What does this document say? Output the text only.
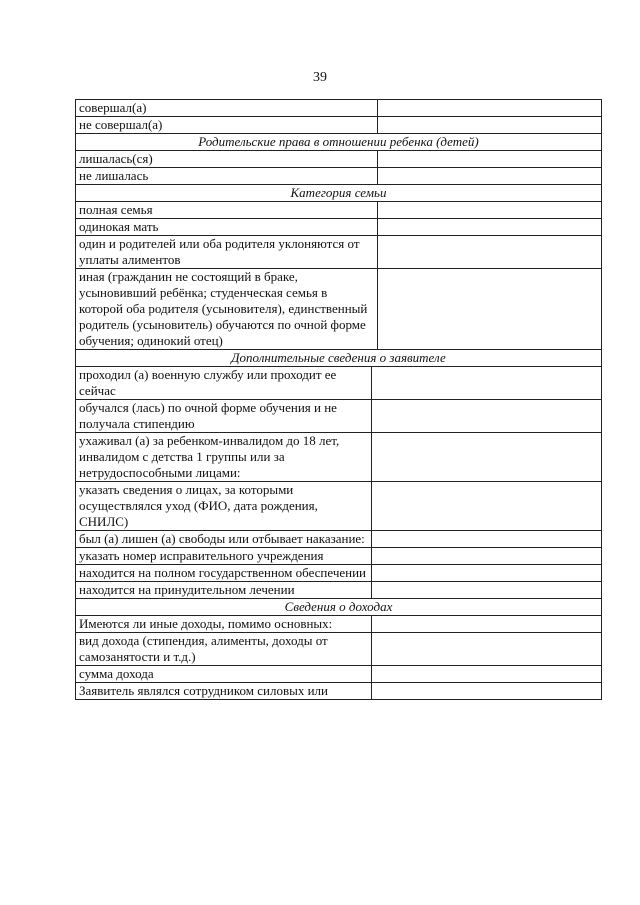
39
совершал(а)		
не совершал(а)		
Родительские права в отношении ребенка (детей)		
лишалась(ся)		
не лишалась		
Категория семьи		
полная семья		
одинокая мать		
один и родителей или оба родителя уклоняются от уплаты алиментов		
иная (гражданин не состоящий в браке, усыновивший ребёнка; студенческая семья в которой оба родителя (усыновителя), единственный родитель (усыновитель) обучаются по очной форме обучения; одинокий отец)		
Дополнительные сведения о заявителе		
проходил (а) военную службу или проходит ее сейчас		
обучался (лась) по очной форме обучения и не получала стипендию		
ухаживал (а) за ребенком-инвалидом до 18 лет, инвалидом с детства 1 группы или за нетрудоспособными лицами:		
указать сведения о лицах, за которыми осуществлялся уход (ФИО, дата рождения, СНИЛС)		
был (а) лишен (а) свободы или отбывает наказание:		
указать номер исправительного учреждения		
находится на полном государственном обеспечении		
находится на принудительном лечении		
Сведения о доходах		
Имеются ли иные доходы, помимо основных:		
вид дохода (стипендия, алименты, доходы от самозанятости и т.д.)		
сумма дохода		
Заявитель являлся сотрудником силовых или		
